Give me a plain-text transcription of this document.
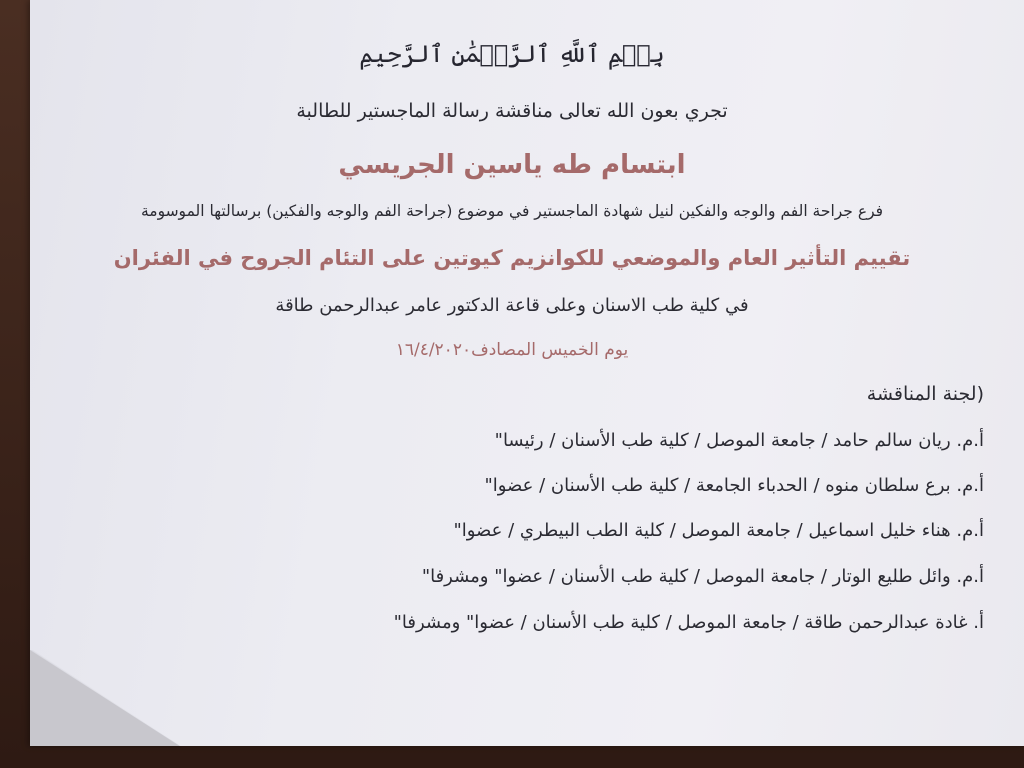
بِسۡمِ ٱللَّهِ ٱلرَّحۡمَٰنِ ٱلرَّحِيمِ
تجري بعون الله تعالى مناقشة رسالة الماجستير للطالبة
ابتسام طه ياسين الجريسي
فرع جراحة الفم والوجه والفكين لنيل شهادة الماجستير في موضوع (جراحة الفم والوجه والفكين) برسالتها الموسومة
تقييم التأثير العام والموضعي للكوانزيم كيوتين على التئام الجروح في الفئران
في كلية طب الاسنان وعلى قاعة الدكتور عامر عبدالرحمن طاقة
يوم الخميس المصادف١٦/٤/٢٠٢٠
(لجنة المناقشة
أ.م. ريان سالم حامد / جامعة الموصل / كلية طب الأسنان / رئيسا"
أ.م. برع سلطان منوه / الحدباء الجامعة / كلية طب الأسنان / عضوا"
أ.م. هناء خليل اسماعيل / جامعة الموصل / كلية الطب البيطري / عضوا"
أ.م. وائل طليع الوتار / جامعة الموصل / كلية طب الأسنان / عضوا" ومشرفا"
أ. غادة عبدالرحمن طاقة / جامعة الموصل / كلية طب الأسنان / عضوا" ومشرفا"
